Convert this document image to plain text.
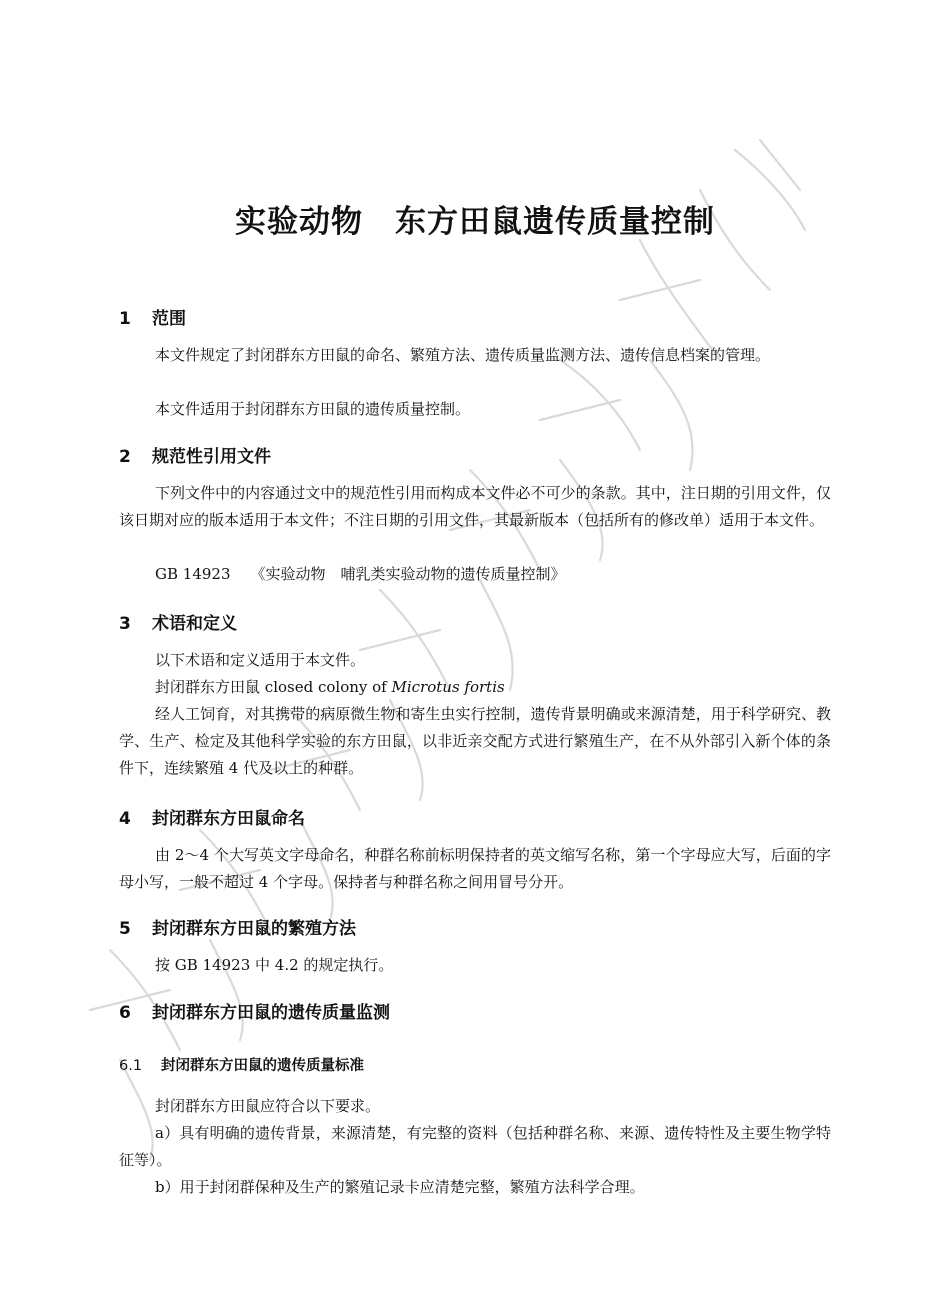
实验动物　东方田鼠遗传质量控制
1 范围

本文件规定了封闭群东方田鼠的命名、繁殖方法、遗传质量监测方法、遗传信息档案的管理。

本文件适用于封闭群东方田鼠的遗传质量控制。

2 规范性引用文件

下列文件中的内容通过文中的规范性引用而构成本文件必不可少的条款。其中，注日期的引用文件，仅该日期对应的版本适用于本文件；不注日期的引用文件，其最新版本（包括所有的修改单）适用于本文件。

GB 14923 《实验动物　哺乳类实验动物的遗传质量控制》

3 术语和定义

以下术语和定义适用于本文件。

封闭群东方田鼠 closed colony of Microtus fortis

经人工饲育，对其携带的病原微生物和寄生虫实行控制，遗传背景明确或来源清楚，用于科学研究、教学、生产、检定及其他科学实验的东方田鼠，以非近亲交配方式进行繁殖生产，在不从外部引入新个体的条件下，连续繁殖 4 代及以上的种群。

4 封闭群东方田鼠命名

由 2～4 个大写英文字母命名，种群名称前标明保持者的英文缩写名称，第一个字母应大写，后面的字母小写，一般不超过 4 个字母。保持者与种群名称之间用冒号分开。

5 封闭群东方田鼠的繁殖方法

按 GB 14923 中 4.2 的规定执行。

6 封闭群东方田鼠的遗传质量监测
6.1 封闭群东方田鼠的遗传质量标准

封闭群东方田鼠应符合以下要求。

a）具有明确的遗传背景，来源清楚，有完整的资料（包括种群名称、来源、遗传特性及主要生物学特征等）。

b）用于封闭群保种及生产的繁殖记录卡应清楚完整，繁殖方法科学合理。
